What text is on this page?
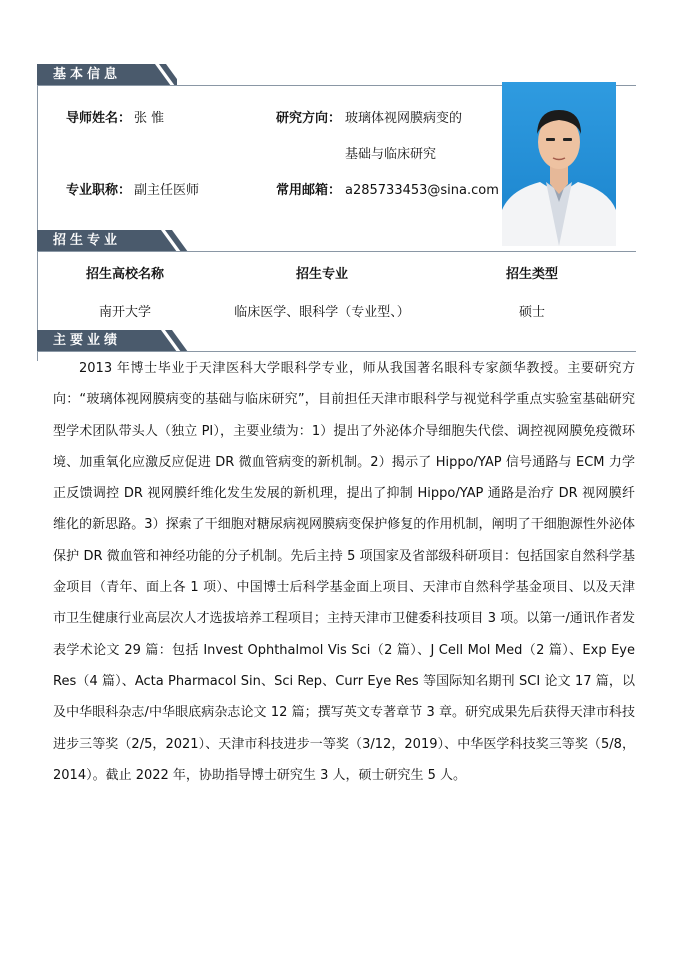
基本信息
导师姓名： 张 惟
专业职称： 副主任医师
研究方向： 玻璃体视网膜病变的
基础与临床研究
常用邮箱： a285733453@sina.com
招生专业
招生高校名称	招生专业	招生类型
南开大学	临床医学、眼科学（专业型、）	硕士
主要业绩
2013 年博士毕业于天津医科大学眼科学专业，师从我国著名眼科专家颜华教授。主要研究方向：“玻璃体视网膜病变的基础与临床研究”，目前担任天津市眼科学与视觉科学重点实验室基础研究型学术团队带头人（独立 PI），主要业绩为：1）提出了外泌体介导细胞失代偿、调控视网膜免疫微环境、加重氧化应激反应促进 DR 微血管病变的新机制。2）揭示了 Hippo/YAP 信号通路与 ECM 力学正反馈调控 DR 视网膜纤维化发生发展的新机理，提出了抑制 Hippo/YAP 通路是治疗 DR 视网膜纤维化的新思路。3）探索了干细胞对糖尿病视网膜病变保护修复的作用机制，阐明了干细胞源性外泌体保护 DR 微血管和神经功能的分子机制。先后主持 5 项国家及省部级科研项目：包括国家自然科学基金项目（青年、面上各 1 项）、中国博士后科学基金面上项目、天津市自然科学基金项目、以及天津市卫生健康行业高层次人才选拔培养工程项目；主持天津市卫健委科技项目 3 项。以第一/通讯作者发表学术论文 29 篇：包括 Invest Ophthalmol Vis Sci（2 篇）、J Cell Mol Med（2 篇）、Exp Eye Res（4 篇）、Acta Pharmacol Sin、Sci Rep、Curr Eye Res 等国际知名期刊 SCI 论文 17 篇，以及中华眼科杂志/中华眼底病杂志论文 12 篇；撰写英文专著章节 3 章。研究成果先后获得天津市科技进步三等奖（2/5，2021）、天津市科技进步一等奖（3/12，2019）、中华医学科技奖三等奖（5/8，2014）。截止 2022 年，协助指导博士研究生 3 人，硕士研究生 5 人。
